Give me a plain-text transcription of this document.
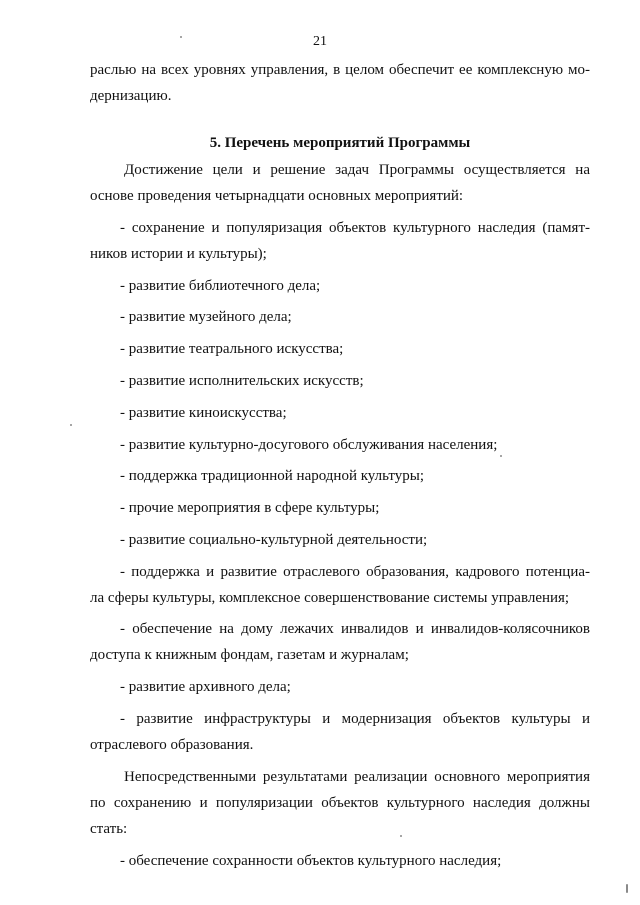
21

раслью на всех уровнях управления, в целом обеспечит ее комплексную мо-

дернизацию.

5. Перечень мероприятий Программы

Достижение цели и решение задач Программы осуществляется на

основе проведения четырнадцати основных мероприятий:

- сохранение и популяризация объектов культурного наследия (памят-

ников истории и культуры);

- развитие библиотечного дела;

- развитие музейного дела;

- развитие театрального искусства;

- развитие исполнительских искусств;

- развитие киноискусства;

- развитие культурно-досугового обслуживания населения;

- поддержка традиционной народной культуры;

- прочие мероприятия в сфере культуры;

- развитие социально-культурной деятельности;

- поддержка и развитие отраслевого образования, кадрового потенциа-

ла сферы культуры, комплексное совершенствование системы управления;

- обеспечение на дому лежачих инвалидов и инвалидов-колясочников

доступа к книжным фондам, газетам и журналам;

- развитие архивного дела;

- развитие инфраструктуры и модернизация объектов культуры и

отраслевого образования.

Непосредственными результатами реализации основного мероприятия

по сохранению и популяризации объектов культурного наследия должны

стать:

- обеспечение сохранности объектов культурного наследия;
